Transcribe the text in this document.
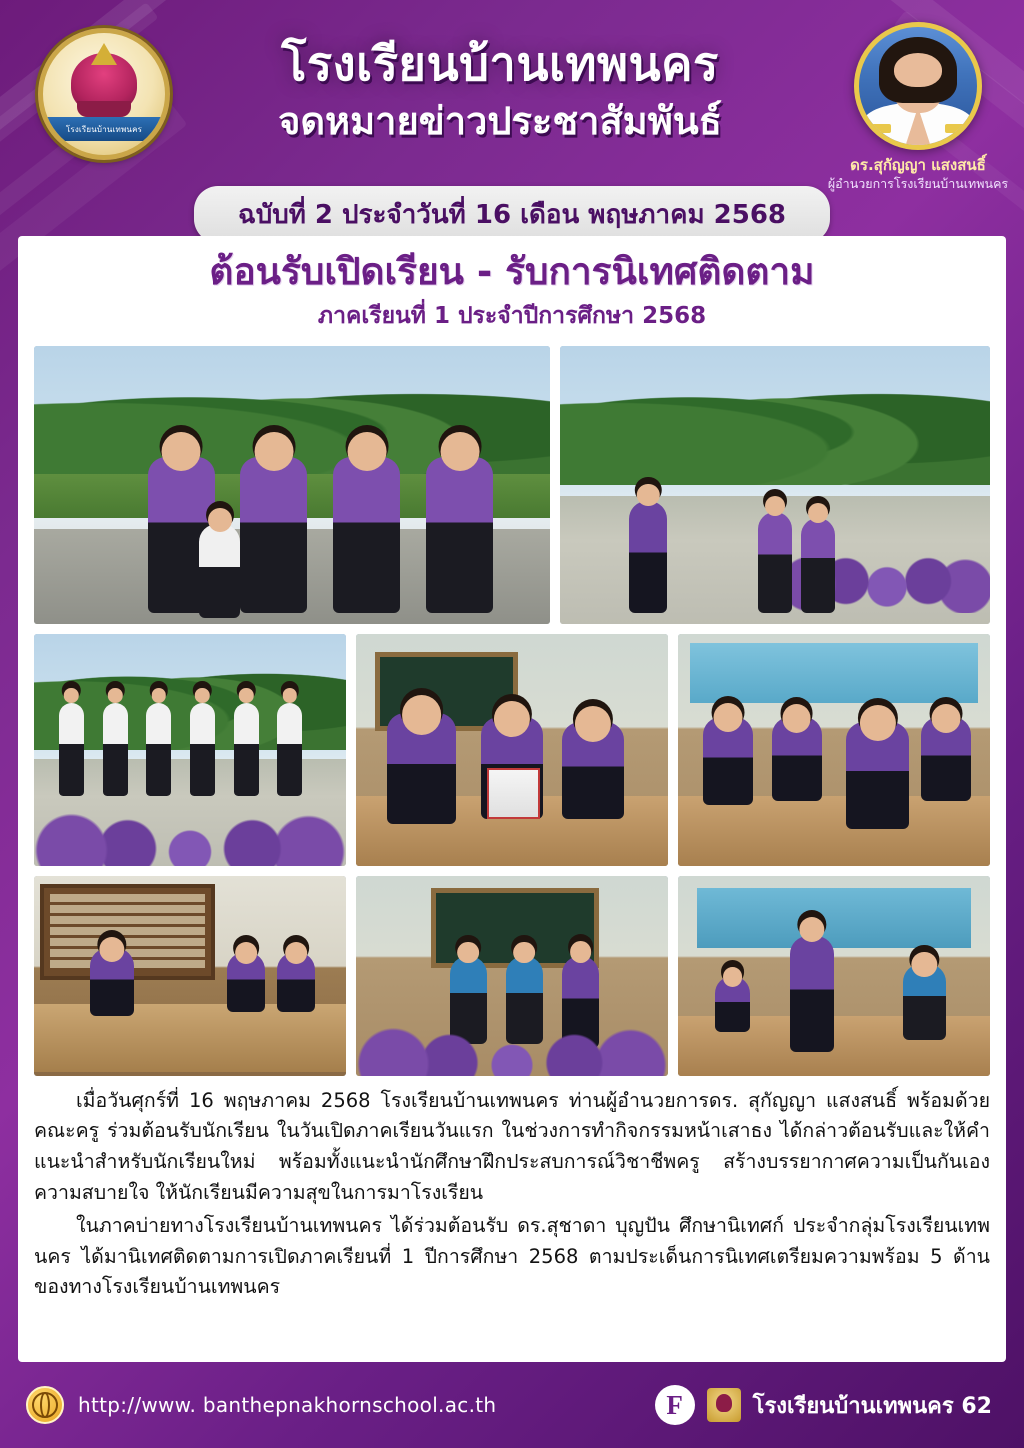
โรงเรียนบ้านเทพนคร
โรงเรียนบ้านเทพนคร
จดหมายข่าวประชาสัมพันธ์
ดร.สุกัญญา แสงสนธิ์
ผู้อำนวยการโรงเรียนบ้านเทพนคร
ฉบับที่ 2 ประจำวันที่ 16 เดือน พฤษภาคม 2568
ต้อนรับเปิดเรียน - รับการนิเทศติดตาม
ภาคเรียนที่ 1 ประจำปีการศึกษา 2568

เมื่อวันศุกร์ที่ 16 พฤษภาคม 2568 โรงเรียนบ้านเทพนคร ท่านผู้อำนวยการดร. สุกัญญา แสงสนธิ์ พร้อมด้วยคณะครู ร่วมต้อนรับนักเรียน ในวันเปิดภาคเรียนวันแรก ในช่วงการทำกิจกรรมหน้าเสาธง ได้กล่าวต้อนรับและให้คำแนะนำสำหรับนักเรียนใหม่ พร้อมทั้งแนะนำนักศึกษาฝึกประสบการณ์วิชาชีพครู สร้างบรรยากาศความเป็นกันเอง ความสบายใจ ให้นักเรียนมีความสุขในการมาโรงเรียน

ในภาคบ่ายทางโรงเรียนบ้านเทพนคร ได้ร่วมต้อนรับ ดร.สุชาดา บุญปัน ศึกษานิเทศก์ ประจำกลุ่มโรงเรียนเทพนคร ได้มานิเทศติดตามการเปิดภาคเรียนที่ 1 ปีการศึกษา 2568 ตามประเด็นการนิเทศเตรียมความพร้อม 5 ด้าน ของทางโรงเรียนบ้านเทพนคร

http://www. banthepnakhornschool.ac.th	F	โรงเรียนบ้านเทพนคร 62
